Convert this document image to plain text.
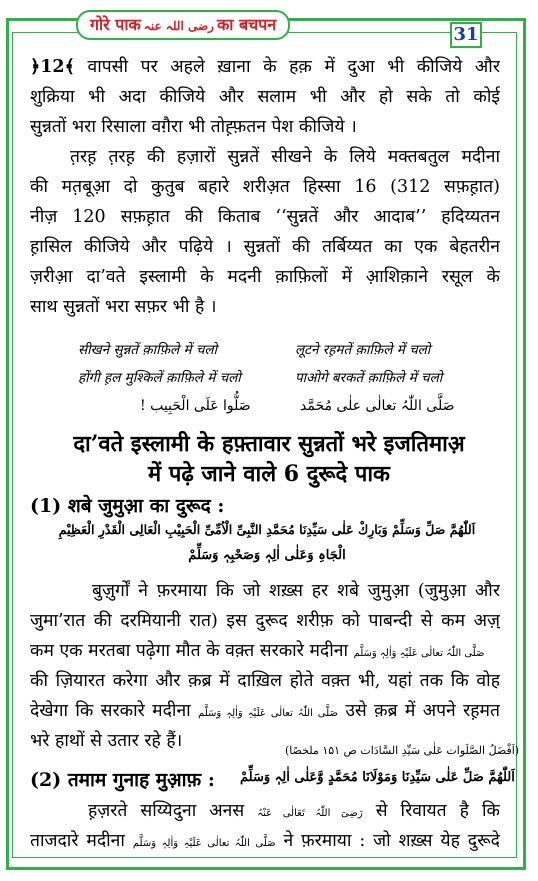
गोरे पाक رضی اللہ عنہ का बचपन	31
﴿12﴾ वापसी पर अहले ख़ाना के हक़ में दुआ भी कीजिये और
शुक्रिया भी अदा कीजिये और सलाम भी और हो सके तो कोई
सुन्नतों भरा रिसाला वग़ैरा भी तोह़्फ़तन पेश कीजिये ।
त़रह़ त़रह़ की हज़ारों सुन्नतें सीखने के लिये मक्तबतुल मदीना
की मत़बूआ़ दो कुतुब बहारे शरीअ़त हिस्सा 16 (312 सफ़ह़ात)
नीज़ 120 सफ़ह़ात की किताब ‘‘सुन्नतें और आदाब’’ हदिय्यतन
ह़ासिल कीजिये और पढ़िये । सुन्नतों की तर्बिय्यत का एक बेहतरीन
ज़रीआ़ दा’वते इस्लामी के मदनी क़ाफ़िलों में आ़शिक़ाने रसूल के
साथ सुन्नतों भरा सफ़र भी है ।
सीखने सुन्नतें क़ाफ़िले में चलो	लूटने रह़मतें क़ाफ़िले में चलो
होंगी ह़ल मुश्किलें क़ाफ़िले में चलो	पाओगे बरकतें क़ाफ़िले में चलो
صَلُّوا عَلَی الْحَبِیب !	صَلَّی اللّٰہُ تعالٰی علٰی مُحَمَّد
दा’वते इस्लामी के हफ़्तावार सुन्नतों भरे इजतिमाअ़
में पढ़े जाने वाले 6 दुरूदे पाक
(1) शबे जुमुआ़ का दुरूद :
اَللّٰھُمَّ صَلِّ وَسَلِّمْ وَبَارِكْ عَلٰی سَیِّدِنَا مُحَمَّدِ النَّبِیِّ الْاُمِّیِّ الْحَبِیْبِ الْعَالِی الْقَدْرِ الْعَظِیْمِ
الْجَاہِ وَعَلٰی اٰلِہٖ وَصَحْبِہٖ وَسَلِّمْ
बुज़ुर्गों ने फ़रमाया कि जो शख़्स हर शबे जुमुआ़ (जुमुआ़ और
जुमा’रात की दरमियानी रात) इस दुरूद शरीफ़ को पाबन्दी से कम अज़्
कम एक मरतबा पढ़ेगा मौत के वक़्त सरकारे मदीना صَلَّی اللّٰہُ تعالٰی عَلَیْہِ وَاٰلِہٖ وَسَلَّم
की ज़ियारत करेगा और क़ब्र में दाख़िल होते वक़्त भी, यहां तक कि वोह
देखेगा कि सरकारे मदीना صَلَّی اللّٰہُ تعالٰی عَلَیْہِ وَاٰلِہٖ وَسَلَّم उसे क़ब्र में अपने रह़मत
भरे हाथों से उतार रहे हैं।	(اَفْضَلُ الصَّلَوات عَلٰی سَیِّدِ السَّادَات ص ۱۵۱ ملخصًا)
(2) तमाम गुनाह मुआ़फ़ : اَللّٰھُمَّ صَلِّ عَلٰی سَیِّدِنَا وَمَوْلَانَا مُحَمَّدٍ وَّعَلٰی اٰلِہٖ وَسَلِّمْ
ह़ज़रते सय्यिदुना अनस رَضِیَ اللّٰہُ تَعَالٰی عَنْہُ से रिवायत है कि
ताजदारे मदीना صَلَّی اللّٰہُ تعالٰی عَلَیْہِ وَاٰلِہٖ وَسَلَّم ने फ़रमाया : जो शख़्स येह दुरूदे
